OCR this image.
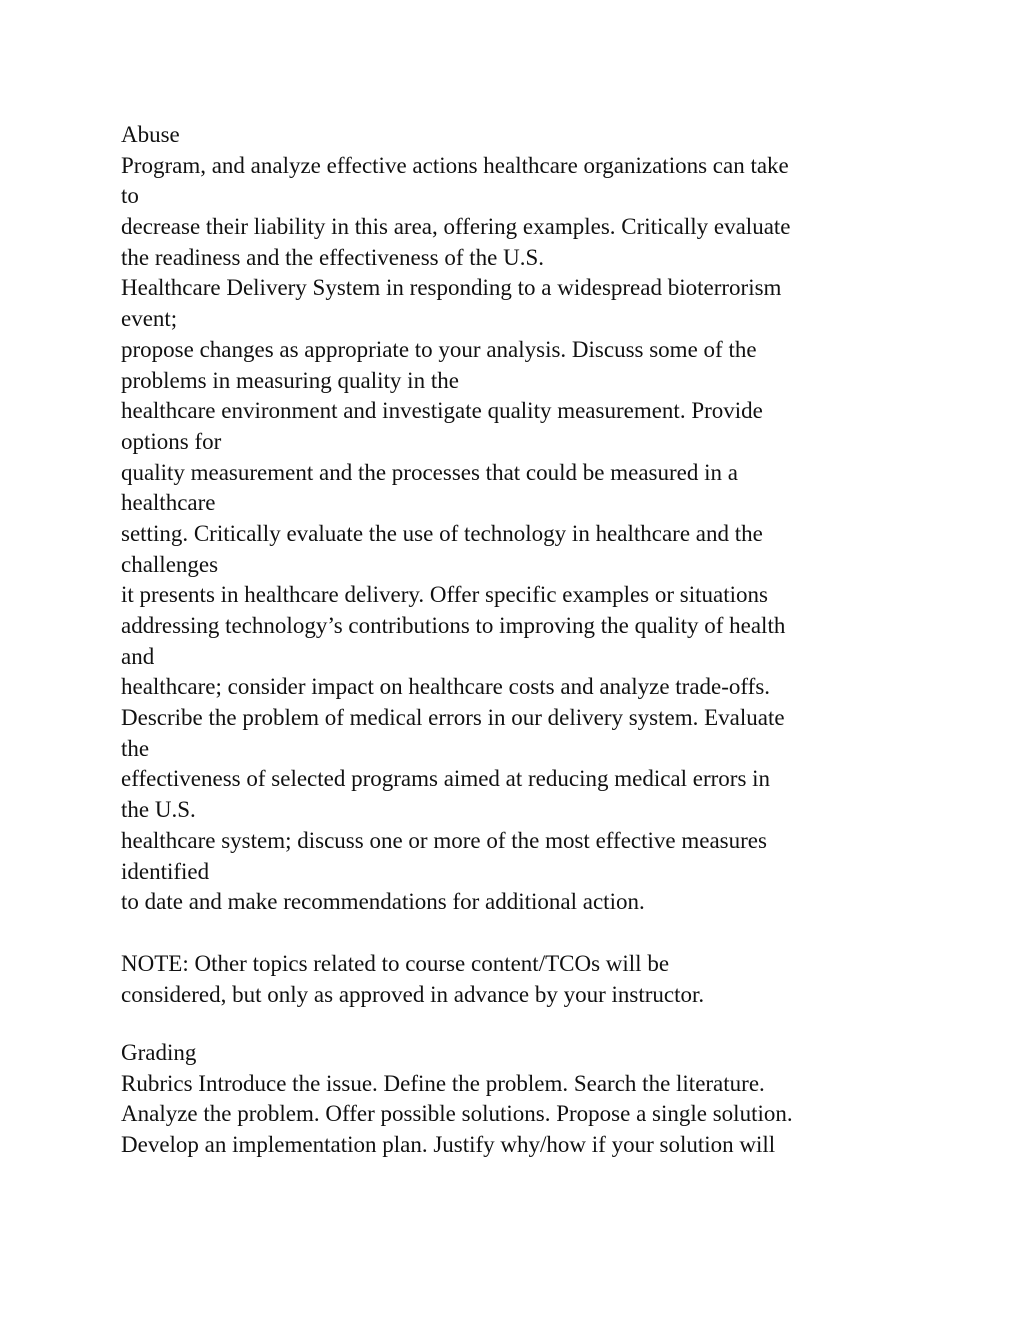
Abuse
Program, and analyze effective actions healthcare organizations can take
to
decrease their liability in this area, offering examples. Critically evaluate
the readiness and the effectiveness of the U.S.
Healthcare Delivery System in responding to a widespread bioterrorism
event;
propose changes as appropriate to your analysis. Discuss some of the
problems in measuring quality in the
healthcare environment and investigate quality measurement. Provide
options for
quality measurement and the processes that could be measured in a
healthcare
setting. Critically evaluate the use of technology in healthcare and the
challenges
it presents in healthcare delivery. Offer specific examples or situations
addressing technology’s contributions to improving the quality of health
and
healthcare; consider impact on healthcare costs and analyze trade-offs.
Describe the problem of medical errors in our delivery system. Evaluate
the
effectiveness of selected programs aimed at reducing medical errors in
the U.S.
healthcare system; discuss one or more of the most effective measures
identified
to date and make recommendations for additional action.
NOTE: Other topics related to course content/TCOs will be
considered, but only as approved in advance by your instructor.
Grading
Rubrics Introduce the issue. Define the problem. Search the literature.
Analyze the problem. Offer possible solutions. Propose a single solution.
Develop an implementation plan. Justify why/how if your solution will
